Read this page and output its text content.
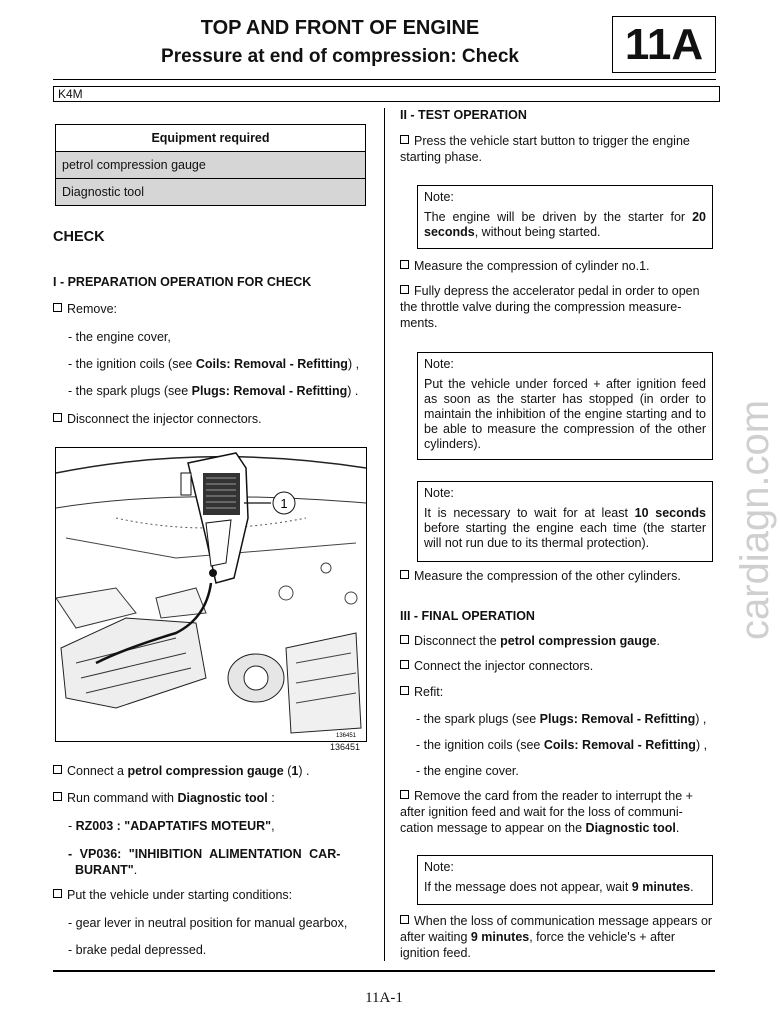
TOP AND FRONT OF ENGINE
Pressure at end of compression: Check	11A
K4M
Equipment required
petrol compression gauge
Diagnostic tool
CHECK
I - PREPARATION OPERATION FOR CHECK
Remove:
- the engine cover,
- the ignition coils (see Coils: Removal - Refitting) ,
- the spark plugs (see Plugs: Removal - Refitting) .
Disconnect the injector connectors.
1
136451
136451
Connect a petrol compression gauge (1) .
Run command with Diagnostic tool :
- RZ003 : "ADAPTATIFS MOTEUR",
- VP036: "INHIBITION ALIMENTATION CAR-
BURANT".
Put the vehicle under starting conditions:
- gear lever in neutral position for manual gearbox,
- brake pedal depressed.
II - TEST OPERATION
Press the vehicle start button to trigger the engine starting phase.
Note:
The engine will be driven by the starter for 20 seconds, without being started.
Measure the compression of cylinder no.1.
Fully depress the accelerator pedal in order to open the throttle valve during the compression measure-ments.
Note:
Put the vehicle under forced + after ignition feed as soon as the starter has stopped (in order to maintain the inhibition of the engine starting and to be able to measure the compression of the other cylinders).
Note:
It is necessary to wait for at least 10 seconds before starting the engine each time (the starter will not run due to its thermal protection).
Measure the compression of the other cylinders.
III - FINAL OPERATION
Disconnect the petrol compression gauge.
Connect the injector connectors.
Refit:
- the spark plugs (see Plugs: Removal - Refitting) ,
- the ignition coils (see Coils: Removal - Refitting) ,
- the engine cover.
Remove the card from the reader to interrupt the + after ignition feed and wait for the loss of communi-cation message to appear on the Diagnostic tool.
Note:
If the message does not appear, wait 9 minutes.
When the loss of communication message appears or after waiting 9 minutes, force the vehicle's + after ignition feed.
11A-1
cardiagn.com
